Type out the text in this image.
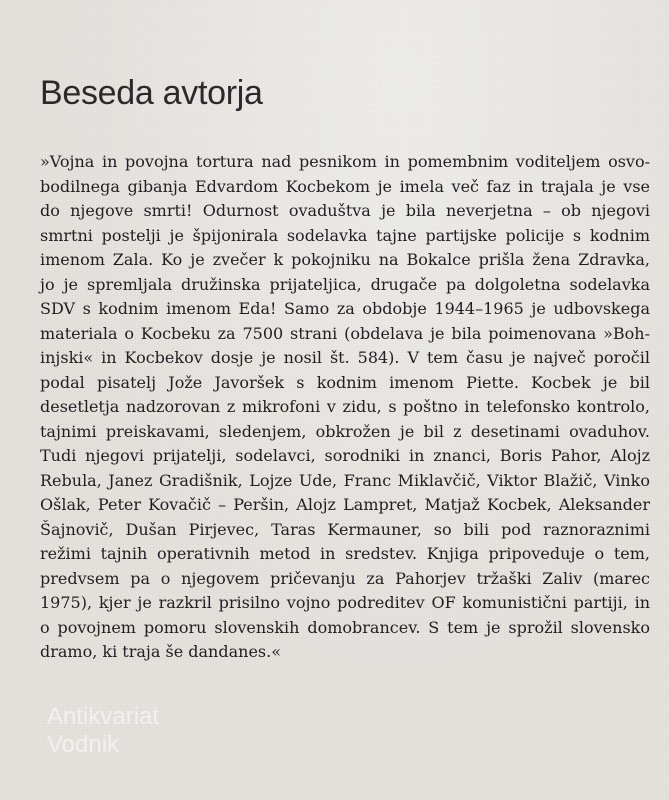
Beseda avtorja
»Vojna in povojna tortura nad pesnikom in pomembnim voditeljem osvo-
bodilnega gibanja Edvardom Kocbekom je imela več faz in trajala je vse
do njegove smrti! Odurnost ovaduštva je bila neverjetna – ob njegovi
smrtni postelji je špijonirala sodelavka tajne partijske policije s kodnim
imenom Zala. Ko je zvečer k pokojniku na Bokalce prišla žena Zdravka,
jo je spremljala družinska prijateljica, drugače pa dolgoletna sodelavka
SDV s kodnim imenom Eda! Samo za obdobje 1944–1965 je udbovskega
materiala o Kocbeku za 7500 strani (obdelava je bila poimenovana »Boh-
injski« in Kocbekov dosje je nosil št. 584). V tem času je največ poročil
podal pisatelj Jože Javoršek s kodnim imenom Piette. Kocbek je bil
desetletja nadzorovan z mikrofoni v zidu, s poštno in telefonsko kontrolo,
tajnimi preiskavami, sledenjem, obkrožen je bil z desetinami ovaduhov.
Tudi njegovi prijatelji, sodelavci, sorodniki in znanci, Boris Pahor, Alojz
Rebula, Janez Gradišnik, Lojze Ude, Franc Miklavčič, Viktor Blažič, Vinko
Ošlak, Peter Kovačič – Peršin, Alojz Lampret, Matjaž Kocbek, Aleksander
Šajnovič, Dušan Pirjevec, Taras Kermauner, so bili pod raznoraznimi
režimi tajnih operativnih metod in sredstev. Knjiga pripoveduje o tem,
predvsem pa o njegovem pričevanju za Pahorjev tržaški Zaliv (marec
1975), kjer je razkril prisilno vojno podreditev OF komunistični partiji, in
o povojnem pomoru slovenskih domobrancev. S tem je sprožil slovensko
dramo, ki traja še dandanes.«
Antikvariat
Vodnik
